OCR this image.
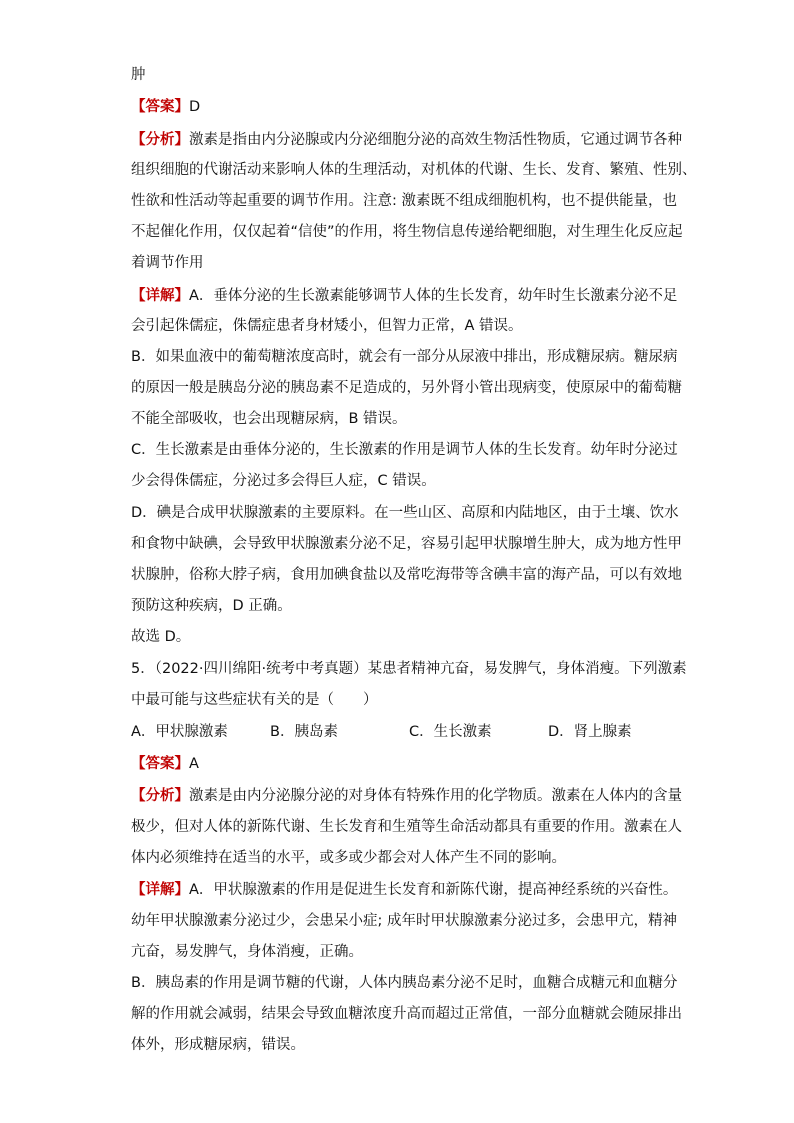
肿
【答案】D
【分析】激素是指由内分泌腺或内分泌细胞分泌的高效生物活性物质，它通过调节各种
组织细胞的代谢活动来影响人体的生理活动，对机体的代谢、生长、发育、繁殖、性别、
性欲和性活动等起重要的调节作用。注意: 激素既不组成细胞机构，也不提供能量，也
不起催化作用，仅仅起着“信使”的作用，将生物信息传递给靶细胞，对生理生化反应起
着调节作用
【详解】A．垂体分泌的生长激素能够调节人体的生长发育，幼年时生长激素分泌不足
会引起侏儒症，侏儒症患者身材矮小，但智力正常，A 错误。
B．如果血液中的葡萄糖浓度高时，就会有一部分从尿液中排出，形成糖尿病。糖尿病
的原因一般是胰岛分泌的胰岛素不足造成的，另外肾小管出现病变，使原尿中的葡萄糖
不能全部吸收，也会出现糖尿病，B 错误。
C．生长激素是由垂体分泌的，生长激素的作用是调节人体的生长发育。幼年时分泌过
少会得侏儒症，分泌过多会得巨人症，C 错误。
D．碘是合成甲状腺激素的主要原料。在一些山区、高原和内陆地区，由于土壤、饮水
和食物中缺碘，会导致甲状腺激素分泌不足，容易引起甲状腺增生肿大，成为地方性甲
状腺肿，俗称大脖子病，食用加碘食盐以及常吃海带等含碘丰富的海产品，可以有效地
预防这种疾病，D 正确。
故选 D。
5．（2022·四川绵阳·统考中考真题）某患者精神亢奋，易发脾气，身体消瘦。下列激素
中最可能与这些症状有关的是（　　）
A．甲状腺激素	B．胰岛素	C．生长激素	D．肾上腺素
【答案】A
【分析】激素是由内分泌腺分泌的对身体有特殊作用的化学物质。激素在人体内的含量
极少，但对人体的新陈代谢、生长发育和生殖等生命活动都具有重要的作用。激素在人
体内必须维持在适当的水平，或多或少都会对人体产生不同的影响。
【详解】A．甲状腺激素的作用是促进生长发育和新陈代谢，提高神经系统的兴奋性。
幼年甲状腺激素分泌过少，会患呆小症; 成年时甲状腺激素分泌过多，会患甲亢，精神
亢奋，易发脾气，身体消瘦，正确。
B．胰岛素的作用是调节糖的代谢，人体内胰岛素分泌不足时，血糖合成糖元和血糖分
解的作用就会减弱，结果会导致血糖浓度升高而超过正常值，一部分血糖就会随尿排出
体外，形成糖尿病，错误。
